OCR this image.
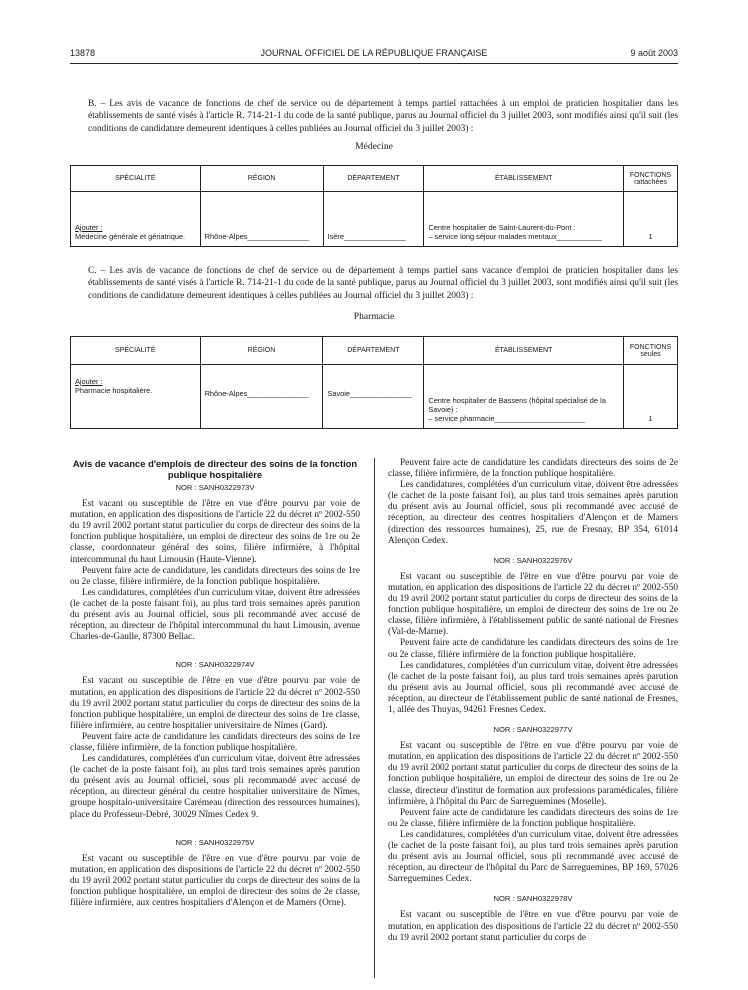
13878	JOURNAL OFFICIEL DE LA RÉPUBLIQUE FRANÇAISE	9 août 2003
B. – Les avis de vacance de fonctions de chef de service ou de département à temps partiel rattachées à un emploi de praticien hospitalier dans les établissements de santé visés à l'article R. 714-21-1 du code de la santé publique, parus au Journal officiel du 3 juillet 2003, sont modifiés ainsi qu'il suit (les conditions de candidature demeurent identiques à celles publiées au Journal officiel du 3 juillet 2003) :
Médecine
SPÉCIALITÉ	RÉGION	DÉPARTEMENT	ÉTABLISSEMENT	FONCTIONS rattachées

Ajouter :
Médecine générale et gériatrique.	Rhône-Alpes_______________	Isère_______________	Centre hospitalier de Saint-Laurent-du-Pont :
– service long séjour malades mentaux___________	1
C. – Les avis de vacance de fonctions de chef de service ou de département à temps partiel sans vacance d'emploi de praticien hospitalier dans les établissements de santé visés à l'article R. 714-21-1 du code de la santé publique, parus au Journal officiel du 3 juillet 2003, sont modifiés ainsi qu'il suit (les conditions de candidature demeurent identiques à celles publiées au Journal officiel du 3 juillet 2003) :
Pharmacie
SPÉCIALITÉ	RÉGION	DÉPARTEMENT	ÉTABLISSEMENT	FONCTIONS seules

Ajouter :
Pharmacie hospitalière.	Rhône-Alpes_______________	Savoie_______________	Centre hospitalier de Bassens (hôpital spécialisé de la Savoie) :
– service pharmacie______________________	1

Avis de vacance d'emplois de directeur des soins de la fonction publique hospitalière

NOR : SANH0322973V

Est vacant ou susceptible de l'être en vue d'être pourvu par voie de mutation, en application des dispositions de l'article 22 du décret nº 2002-550 du 19 avril 2002 portant statut particulier du corps de directeur des soins de la fonction publique hospitalière, un emploi de directeur des soins de 1re ou 2e classe, coordonnateur général des soins, filière infirmière, à l'hôpital intercommunal du haut Limousin (Haute-Vienne).

Peuvent faire acte de candidature, les candidats directeurs des soins de 1re ou 2e classe, filière infirmière, de la fonction publique hospitalière.

Les candidatures, complétées d'un curriculum vitae, doivent être adressées (le cachet de la poste faisant foi), au plus tard trois semaines après parution du présent avis au Journal officiel, sous pli recommandé avec accusé de réception, au directeur de l'hôpital intercommunal du haut Limousin, avenue Charles-de-Gaulle, 87300 Bellac.

NOR : SANH0322974V

Est vacant ou susceptible de l'être en vue d'être pourvu par voie de mutation, en application des dispositions de l'article 22 du décret nº 2002-550 du 19 avril 2002 portant statut particulier du corps de directeur des soins de la fonction publique hospitalière, un emploi de directeur des soins de 1re classe, filière infirmière, au centre hospitalier universitaire de Nîmes (Gard).

Peuvent faire acte de candidature les candidats directeurs des soins de 1re classe, filière infirmière, de la fonction publique hospitalière.

Les candidatures, complétées d'un curriculum vitae, doivent être adressées (le cachet de la poste faisant foi), au plus tard trois semaines après parution du présent avis au Journal officiel, sous pli recommandé avec accusé de réception, au directeur général du centre hospitalier universitaire de Nîmes, groupe hospitalo-universitaire Carémeau (direction des ressources humaines), place du Professeur-Debré, 30029 Nîmes Cedex 9.

NOR : SANH0322975V

Est vacant ou susceptible de l'être en vue d'être pourvu par voie de mutation, en application des dispositions de l'article 22 du décret nº 2002-550 du 19 avril 2002 portant statut particulier du corps de directeur des soins de la fonction publique hospitalière, un emploi de directeur des soins de 2e classe, filière infirmière, aux centres hospitaliers d'Alençon et de Mamers (Orne).

Peuvent faire acte de candidature les candidats directeurs des soins de 2e classe, filière infirmière, de la fonction publique hospitalière.

Les candidatures, complétées d'un curriculum vitae, doivent être adressées (le cachet de la poste faisant foi), au plus tard trois semaines après parution du présent avis au Journal officiel, sous pli recommandé avec accusé de réception, au directeur des centres hospitaliers d'Alençon et de Mamers (direction des ressources humaines), 25, rue de Fresnay, BP 354, 61014 Alençon Cedex.

NOR : SANH0322976V

Est vacant ou susceptible de l'être en vue d'être pourvu par voie de mutation, en application des dispositions de l'article 22 du décret nº 2002-550 du 19 avril 2002 portant statut particulier du corps de directeur des soins de la fonction publique hospitalière, un emploi de directeur des soins de 1re ou 2e classe, filière infirmière, à l'établissement public de santé national de Fresnes (Val-de-Marne).

Peuvent faire acte de candidature les candidats directeurs des soins de 1re ou 2e classe, filière infirmière de la fonction publique hospitalière.

Les candidatures, complétées d'un curriculum vitae, doivent être adressées (le cachet de la poste faisant foi), au plus tard trois semaines après parution du présent avis au Journal officiel, sous pli recommandé avec accusé de réception, au directeur de l'établissement public de santé national de Fresnes, 1, allée des Thuyas, 94261 Fresnes Cedex.

NOR : SANH0322977V

Est vacant ou susceptible de l'être en vue d'être pourvu par voie de mutation, en application des dispositions de l'article 22 du décret nº 2002-550 du 19 avril 2002 portant statut particulier du corps de directeur des soins de la fonction publique hospitalière, un emploi de directeur des soins de 1re ou 2e classe, directeur d'institut de formation aux professions paramédicales, filière infirmière, à l'hôpital du Parc de Sarreguemines (Moselle).

Peuvent faire acte de candidature les candidats directeurs des soins de 1re ou 2e classe, filière infirmière de la fonction publique hospitalière.

Les candidatures, complétées d'un curriculum vitae, doivent être adressées (le cachet de la poste faisant foi), au plus tard trois semaines après parution du présent avis au Journal officiel, sous pli recommandé avec accusé de réception, au directeur de l'hôpital du Parc de Sarreguemines, BP 169, 57026 Sarreguemines Cedex.

NOR : SANH0322978V

Est vacant ou susceptible de l'être en vue d'être pourvu par voie de mutation, en application des dispositions de l'article 22 du décret nº 2002-550 du 19 avril 2002 portant statut particulier du corps de
